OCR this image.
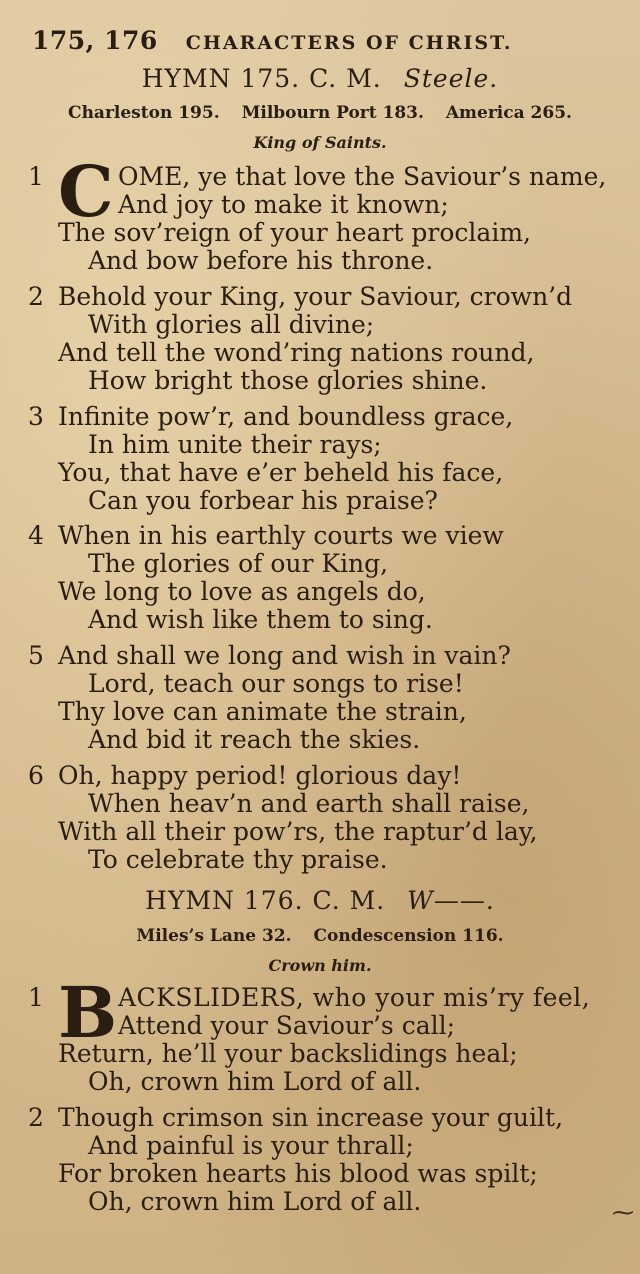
175, 176 CHARACTERS OF CHRIST.
HYMN 175. C. M. Steele.
Charleston 195. Milbourn Port 183. America 265.
King of Saints.
1 C OME, ye that love the Saviour’s name,
And joy to make it known;
The sov’reign of your heart proclaim,
And bow before his throne.
2 Behold your King, your Saviour, crown’d
With glories all divine;
And tell the wond’ring nations round,
How bright those glories shine.
3 Infinite pow’r, and boundless grace,
In him unite their rays;
You, that have e’er beheld his face,
Can you forbear his praise?
4 When in his earthly courts we view
The glories of our King,
We long to love as angels do,
And wish like them to sing.
5 And shall we long and wish in vain?
Lord, teach our songs to rise!
Thy love can animate the strain,
And bid it reach the skies.
6 Oh, happy period! glorious day!
When heav’n and earth shall raise,
With all their pow’rs, the raptur’d lay,
To celebrate thy praise.
HYMN 176. C. M. W——.
Miles’s Lane 32. Condescension 116.
Crown him.
1 B ACKSLIDERS, who your mis’ry feel,
Attend your Saviour’s call;
Return, he’ll your backslidings heal;
Oh, crown him Lord of all.
2 Though crimson sin increase your guilt,
And painful is your thrall;
For broken hearts his blood was spilt;
Oh, crown him Lord of all.	⁓
